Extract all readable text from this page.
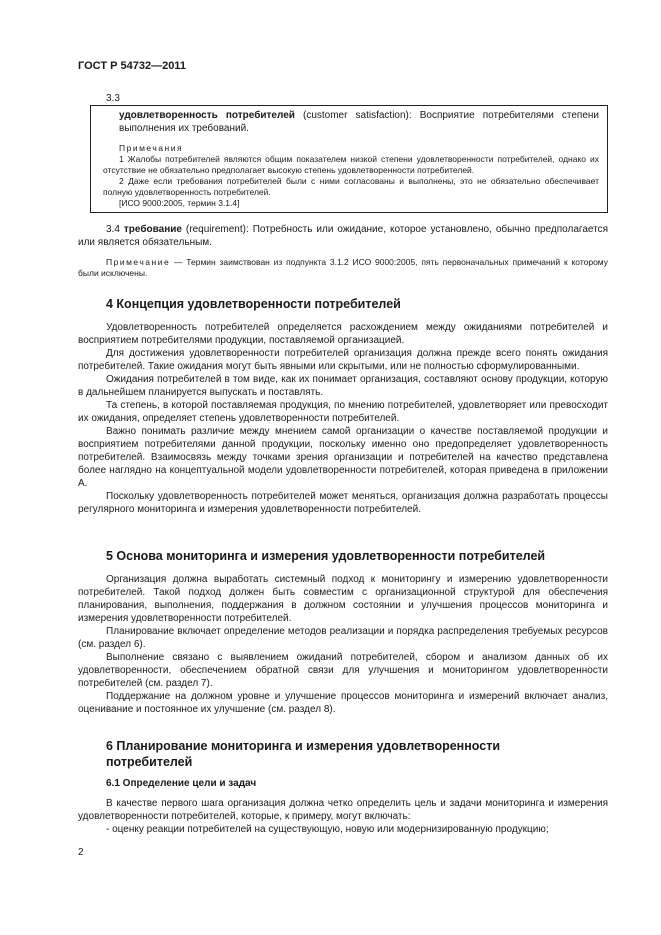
ГОСТ Р 54732—2011
3.3

удовлетворенность потребителей (customer satisfaction): Восприятие потребителями степени выполнения их требований.

Примечания

1 Жалобы потребителей являются общим показателем низкой степени удовлетворенности потребителей, однако их отсутствие не обязательно предполагает высокую степень удовлетворенности потребителей.

2 Даже если требования потребителей были с ними согласованы и выполнены, это не обязательно обеспечивает полную удовлетворенность потребителей.

[ИСО 9000:2005, термин 3.1.4]

3.4 требование (requirement): Потребность или ожидание, которое установлено, обычно предполагается или является обязательным.

Примечание — Термин заимствован из подпункта 3.1.2 ИСО 9000:2005, пять первоначальных примечаний к которому были исключены.

4 Концепция удовлетворенности потребителей

Удовлетворенность потребителей определяется расхождением между ожиданиями потребителей и восприятием потребителями продукции, поставляемой организацией.

Для достижения удовлетворенности потребителей организация должна прежде всего понять ожидания потребителей. Такие ожидания могут быть явными или скрытыми, или не полностью сформулированными.

Ожидания потребителей в том виде, как их понимает организация, составляют основу продукции, которую в дальнейшем планируется выпускать и поставлять.

Та степень, в которой поставляемая продукция, по мнению потребителей, удовлетворяет или превосходит их ожидания, определяет степень удовлетворенности потребителей.

Важно понимать различие между мнением самой организации о качестве поставляемой продукции и восприятием потребителями данной продукции, поскольку именно оно предопределяет удовлетворенность потребителей. Взаимосвязь между точками зрения организации и потребителей на качество представлена более наглядно на концептуальной модели удовлетворенности потребителей, которая приведена в приложении А.

Поскольку удовлетворенность потребителей может меняться, организация должна разработать процессы регулярного мониторинга и измерения удовлетворенности потребителей.

5 Основа мониторинга и измерения удовлетворенности потребителей

Организация должна выработать системный подход к мониторингу и измерению удовлетворенности потребителей. Такой подход должен быть совместим с организационной структурой для обеспечения планирования, выполнения, поддержания в должном состоянии и улучшения процессов мониторинга и измерения удовлетворенности потребителей.

Планирование включает определение методов реализации и порядка распределения требуемых ресурсов (см. раздел 6).

Выполнение связано с выявлением ожиданий потребителей, сбором и анализом данных об их удовлетворенности, обеспечением обратной связи для улучшения и мониторингом удовлетворенности потребителей (см. раздел 7).

Поддержание на должном уровне и улучшение процессов мониторинга и измерений включает анализ, оценивание и постоянное их улучшение (см. раздел 8).

6 Планирование мониторинга и измерения удовлетворенности потребителей

6.1 Определение цели и задач

В качестве первого шага организация должна четко определить цель и задачи мониторинга и измерения удовлетворенности потребителей, которые, к примеру, могут включать:

- оценку реакции потребителей на существующую, новую или модернизированную продукцию;

2
